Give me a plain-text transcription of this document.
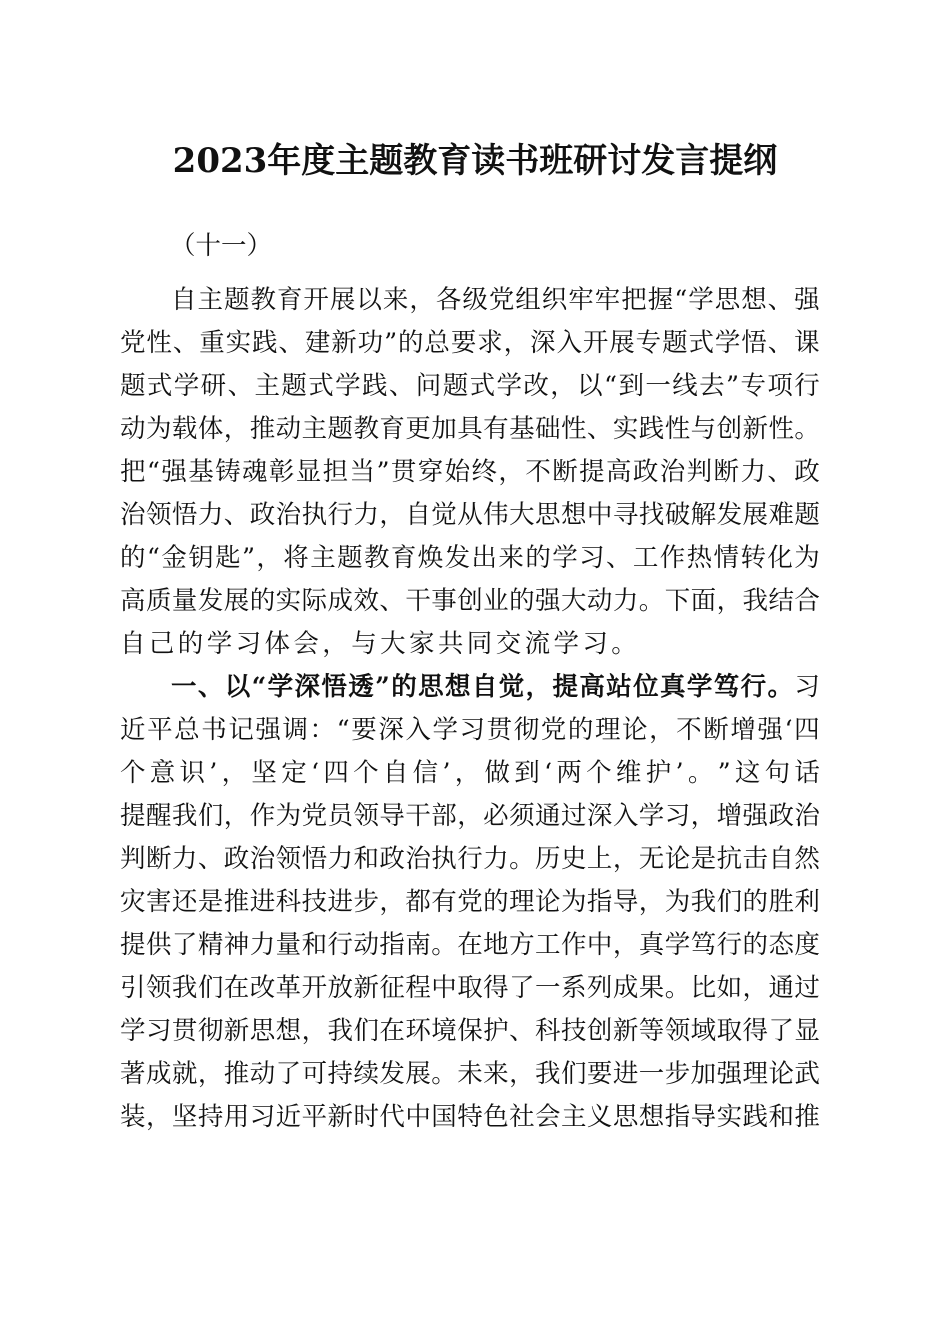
2023年度主题教育读书班研讨发言提纲
（十一）
自 主 题 教 育 开 展 以 来 ， 各 级 党 组 织 牢 牢 把 握 “ 学 思 想 、 强
党 性 、 重 实 践 、 建 新 功 ” 的 总 要 求 ， 深 入 开 展 专 题 式 学 悟 、 课
题 式 学 研 、 主 题 式 学 践 、 问 题 式 学 改 ， 以 “ 到 一 线 去 ” 专 项 行
动 为 载 体 ， 推 动 主 题 教 育 更 加 具 有 基 础 性 、 实 践 性 与 创 新 性 。
把 “ 强 基 铸 魂 彰 显 担 当 ” 贯 穿 始 终 ， 不 断 提 高 政 治 判 断 力 、 政
治 领 悟 力 、 政 治 执 行 力 ， 自 觉 从 伟 大 思 想 中 寻 找 破 解 发 展 难 题
的 “ 金 钥 匙 ” ， 将 主 题 教 育 焕 发 出 来 的 学 习 、 工 作 热 情 转 化 为
高 质 量 发 展 的 实 际 成 效 、 干 事 创 业 的 强 大 动 力 。 下 面 ， 我 结 合
自己的学习体会，与大家共同交流学习。
一 、 以 “ 学 深 悟 透 ” 的 思 想 自 觉 ， 提 高 站 位 真 学 笃 行 。 习
近 平 总 书 记 强 调 ： “ 要 深 入 学 习 贯 彻 党 的 理 论 ， 不 断 增 强 ‘ 四
个 意 识 ’ ， 坚 定 ‘ 四 个 自 信 ’ ， 做 到 ‘ 两 个 维 护 ’ 。 ” 这 句 话
提 醒 我 们 ， 作 为 党 员 领 导 干 部 ， 必 须 通 过 深 入 学 习 ， 增 强 政 治
判 断 力 、 政 治 领 悟 力 和 政 治 执 行 力 。 历 史 上 ， 无 论 是 抗 击 自 然
灾 害 还 是 推 进 科 技 进 步 ， 都 有 党 的 理 论 为 指 导 ， 为 我 们 的 胜 利
提 供 了 精 神 力 量 和 行 动 指 南 。 在 地 方 工 作 中 ， 真 学 笃 行 的 态 度
引 领 我 们 在 改 革 开 放 新 征 程 中 取 得 了 一 系 列 成 果 。 比 如 ， 通 过
学 习 贯 彻 新 思 想 ， 我 们 在 环 境 保 护 、 科 技 创 新 等 领 域 取 得 了 显
著 成 就 ， 推 动 了 可 持 续 发 展 。 未 来 ， 我 们 要 进 一 步 加 强 理 论 武
装 ， 坚 持 用 习 近 平 新 时 代 中 国 特 色 社 会 主 义 思 想 指 导 实 践 和 推
